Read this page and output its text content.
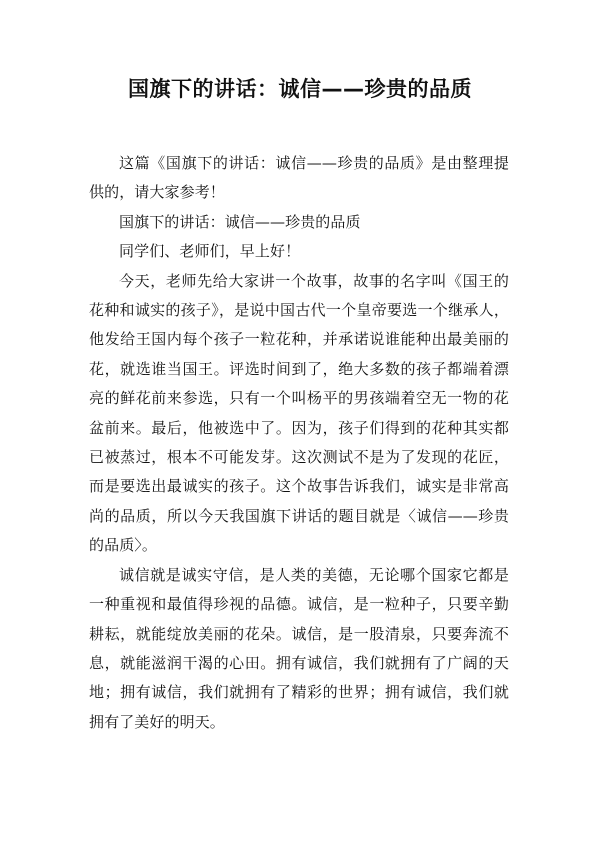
国旗下的讲话：诚信——珍贵的品质

这篇《国旗下的讲话：诚信——珍贵的品质》是由整理提供的，请大家参考！

国旗下的讲话：诚信——珍贵的品质

同学们、老师们，早上好！

今天，老师先给大家讲一个故事，故事的名字叫《国王的花种和诚实的孩子》，是说中国古代一个皇帝要选一个继承人，他发给王国内每个孩子一粒花种，并承诺说谁能种出最美丽的花，就选谁当国王。评选时间到了，绝大多数的孩子都端着漂亮的鲜花前来参选，只有一个叫杨平的男孩端着空无一物的花盆前来。最后，他被选中了。因为，孩子们得到的花种其实都已被蒸过，根本不可能发芽。这次测试不是为了发现的花匠，而是要选出最诚实的孩子。这个故事告诉我们，诚实是非常高尚的品质，所以今天我国旗下讲话的题目就是〈诚信——珍贵的品质〉。

诚信就是诚实守信，是人类的美德，无论哪个国家它都是一种重视和最值得珍视的品德。诚信，是一粒种子，只要辛勤耕耘，就能绽放美丽的花朵。诚信，是一股清泉，只要奔流不息，就能滋润干渴的心田。拥有诚信，我们就拥有了广阔的天地；拥有诚信，我们就拥有了精彩的世界；拥有诚信，我们就拥有了美好的明天。
